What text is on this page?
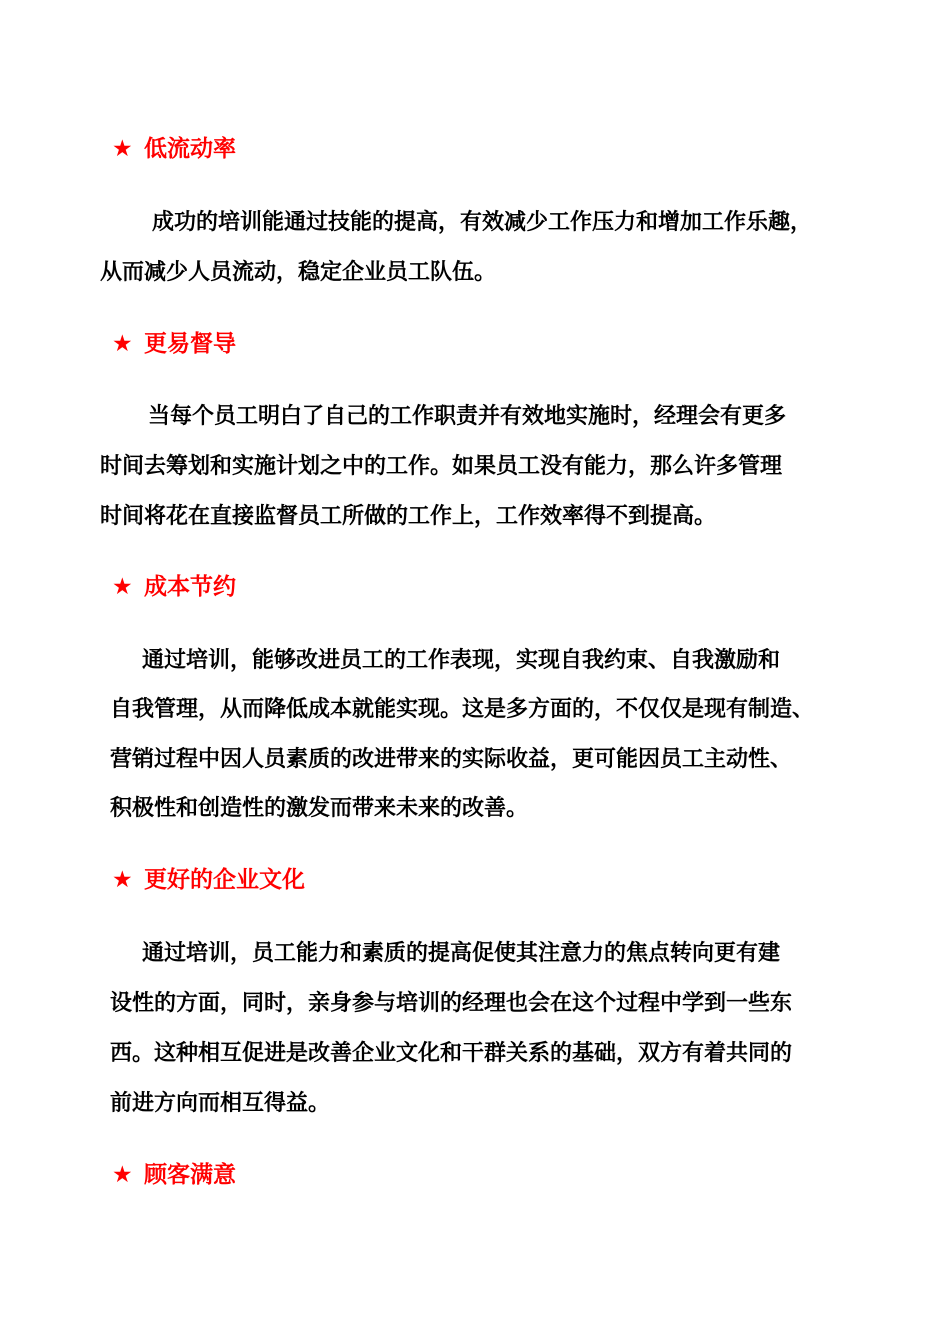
★ 低流动率
成功的培训能通过技能的提高，有效减少工作压力和增加工作乐趣，
从而减少人员流动，稳定企业员工队伍。
★ 更易督导
当每个员工明白了自己的工作职责并有效地实施时，经理会有更多
时间去筹划和实施计划之中的工作。如果员工没有能力，那么许多管理
时间将花在直接监督员工所做的工作上，工作效率得不到提高。
★ 成本节约
通过培训，能够改进员工的工作表现，实现自我约束、自我激励和
自我管理，从而降低成本就能实现。这是多方面的，不仅仅是现有制造、
营销过程中因人员素质的改进带来的实际收益，更可能因员工主动性、
积极性和创造性的激发而带来未来的改善。
★ 更好的企业文化
通过培训，员工能力和素质的提高促使其注意力的焦点转向更有建
设性的方面，同时，亲身参与培训的经理也会在这个过程中学到一些东
西。这种相互促进是改善企业文化和干群关系的基础，双方有着共同的
前进方向而相互得益。
★ 顾客满意
